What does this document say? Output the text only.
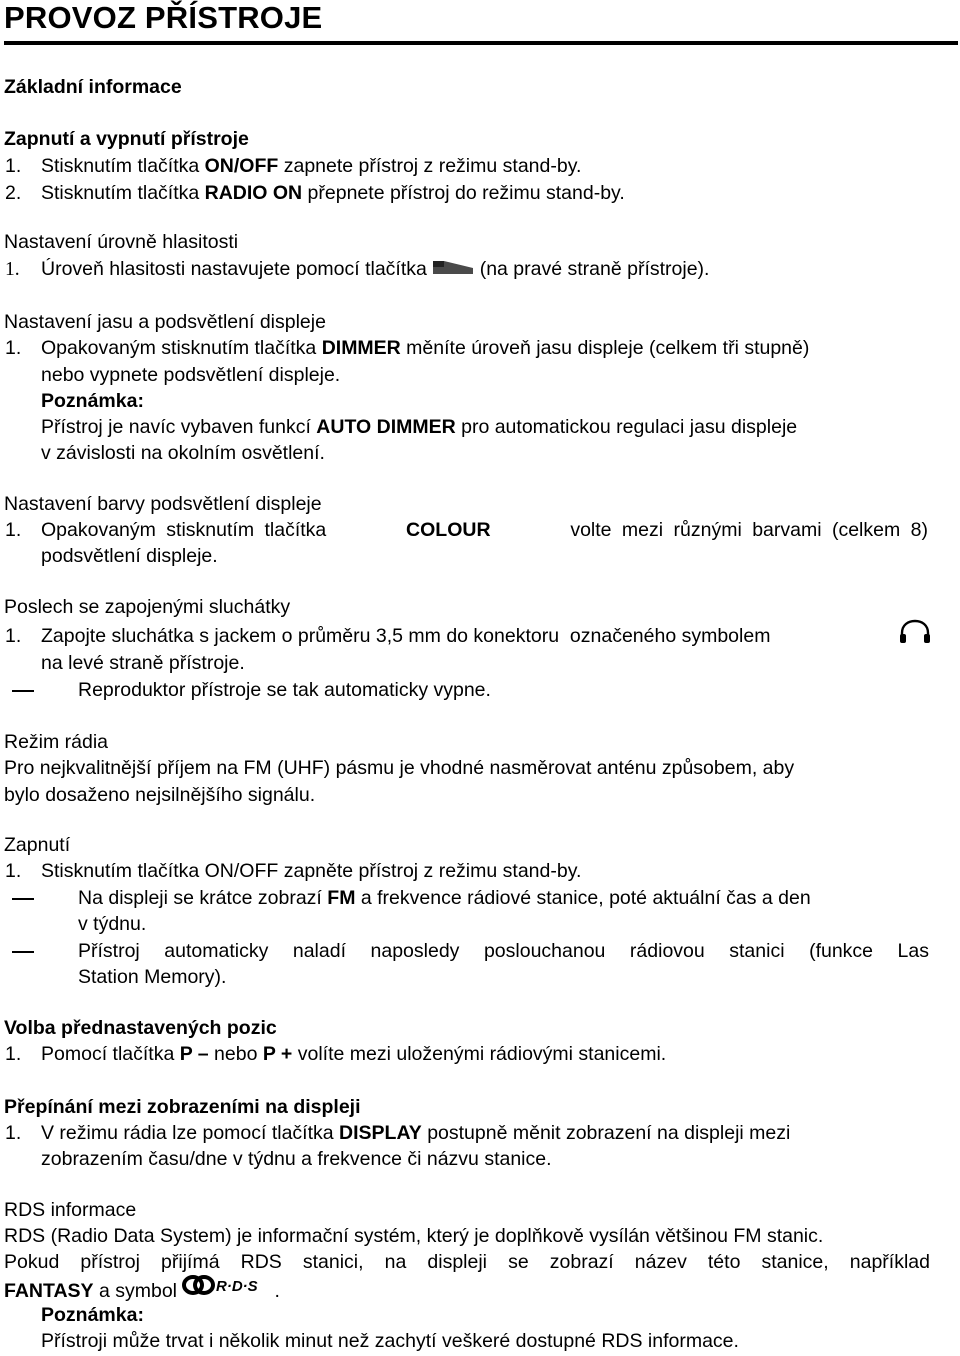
PROVOZ PŘÍSTROJE
Základní informace
Zapnutí a vypnutí přístroje
1. Stisknutím tlačítka ON/OFF zapnete přístroj z režimu stand-by.
2. Stisknutím tlačítka RADIO ON přepnete přístroj do režimu stand-by.
Nastavení úrovně hlasitosti
1. Úroveň hlasitosti nastavujete pomocí tlačítka  (na pravé straně přístroje).
Nastavení jasu a podsvětlení displeje
1. Opakovaným stisknutím tlačítka DIMMER měníte úroveň jasu displeje (celkem tři stupně)
nebo vypnete podsvětlení displeje.
Poznámka:
Přístroj je navíc vybaven funkcí AUTO DIMMER pro automatickou regulaci jasu displeje
v závislosti na okolním osvětlení.
Nastavení barvy podsvětlení displeje
1. Opakovaným stisknutím tlačítka	COLOUR	volte mezi různými barvami (celkem 8)
podsvětlení displeje.
Poslech se zapojenými sluchátky
1. Zapojte sluchátka s jackem o průměru 3,5 mm do konektoru  označeného symbolem
na levé straně přístroje.
Reproduktor přístroje se tak automaticky vypne.
Režim rádia
Pro nejkvalitnější příjem na FM (UHF) pásmu je vhodné nasměrovat anténu způsobem, aby
bylo dosaženo nejsilnějšího signálu.
Zapnutí
1. Stisknutím tlačítka ON/OFF zapněte přístroj z režimu stand-by.
Na displeji se krátce zobrazí FM a frekvence rádiové stanice, poté aktuální čas a den
v týdnu.
Přístroj automaticky naladí naposledy poslouchanou rádiovou stanici (funkce Las
Station Memory).
Volba přednastavených pozic
1. Pomocí tlačítka P – nebo P + volíte mezi uloženými rádiovými stanicemi.
Přepínání mezi zobrazeními na displeji
1. V režimu rádia lze pomocí tlačítka DISPLAY postupně měnit zobrazení na displeji mezi
zobrazením času/dne v týdnu a frekvence či názvu stanice.
RDS informace
RDS (Radio Data System) je informační systém, který je doplňkově vysílán většinou FM stanic.
Pokud přístroj přijímá RDS stanici, na displeji se zobrazí název této stanice, například
FANTASY a symbol R·D·S .
Poznámka:
Přístroji může trvat i několik minut než zachytí veškeré dostupné RDS informace.
